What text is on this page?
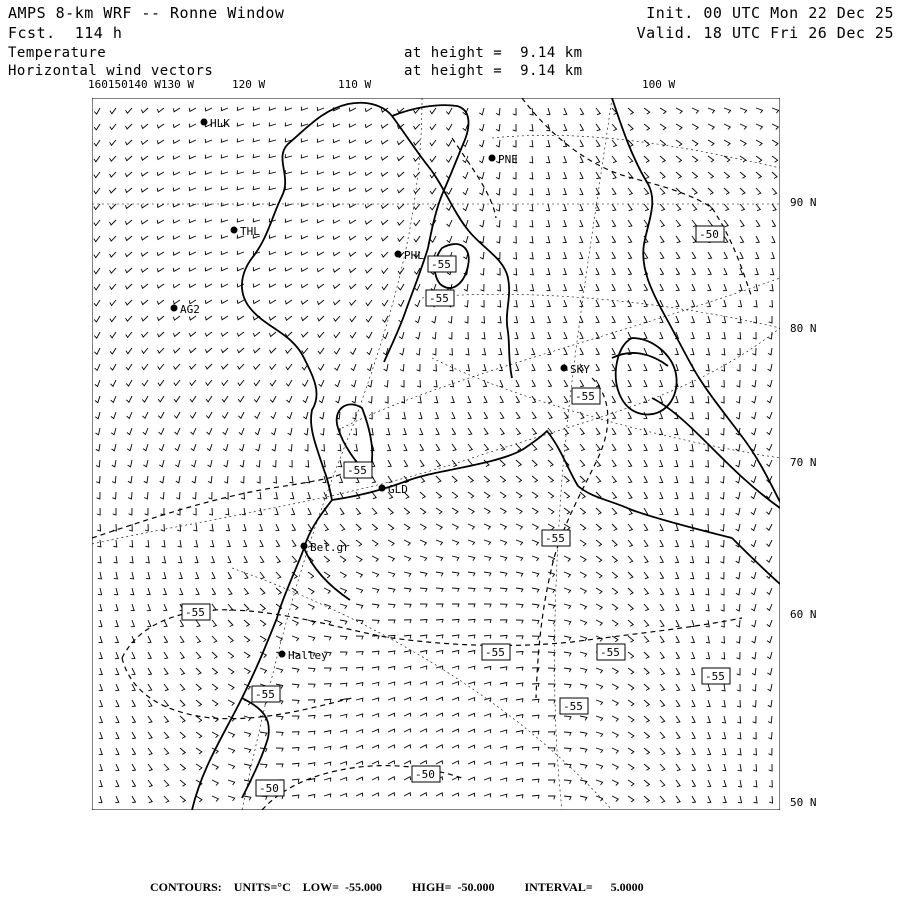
AMPS 8-km WRF -- Ronne Window
Fcst.  114 h
Temperature
Horizontal wind vectors
Init. 00 UTC Mon 22 Dec 25
Valid. 18 UTC Fri 26 Dec 25
at height =  9.14 km
at height =  9.14 km
160150140 W130 W	120 W	110 W	100 W
90 N
80 N
70 N
60 N
50 N
-50
-55
-55
-55
-55
-55
-55
-55	-55
-55
-55
-55
-50
-50
HLK
PNE
THL
PHL
AG2
SKY
GLD
Bel.gr
Halley
CONTOURS:  UNITS=°C  LOW= -55.000     HIGH= -50.000     INTERVAL=   5.0000
